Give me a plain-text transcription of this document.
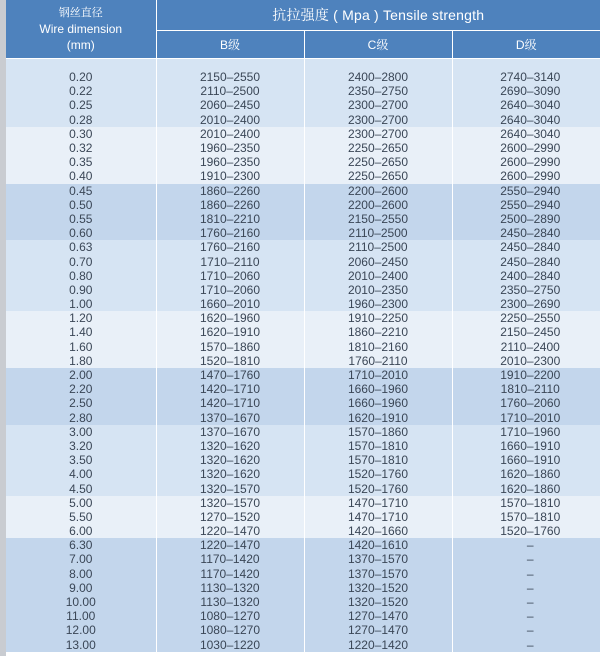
钢丝直径
Wire dimension
(mm)	抗拉强度 ( Mpa ) Tensile strength		
	B级	C级	D级

0.20	2150–2550	2400–2800	2740–3140
0.22	2110–2500	2350–2750	2690–3090
0.25	2060–2450	2300–2700	2640–3040
0.28	2010–2400	2300–2700	2640–3040
0.30	2010–2400	2300–2700	2640–3040
0.32	1960–2350	2250–2650	2600–2990
0.35	1960–2350	2250–2650	2600–2990
0.40	1910–2300	2250–2650	2600–2990
0.45	1860–2260	2200–2600	2550–2940
0.50	1860–2260	2200–2600	2550–2940
0.55	1810–2210	2150–2550	2500–2890
0.60	1760–2160	2110–2500	2450–2840
0.63	1760–2160	2110–2500	2450–2840
0.70	1710–2110	2060–2450	2450–2840
0.80	1710–2060	2010–2400	2400–2840
0.90	1710–2060	2010–2350	2350–2750
1.00	1660–2010	1960–2300	2300–2690
1.20	1620–1960	1910–2250	2250–2550
1.40	1620–1910	1860–2210	2150–2450
1.60	1570–1860	1810–2160	2110–2400
1.80	1520–1810	1760–2110	2010–2300
2.00	1470–1760	1710–2010	1910–2200
2.20	1420–1710	1660–1960	1810–2110
2.50	1420–1710	1660–1960	1760–2060
2.80	1370–1670	1620–1910	1710–2010
3.00	1370–1670	1570–1860	1710–1960
3.20	1320–1620	1570–1810	1660–1910
3.50	1320–1620	1570–1810	1660–1910
4.00	1320–1620	1520–1760	1620–1860
4.50	1320–1570	1520–1760	1620–1860
5.00	1320–1570	1470–1710	1570–1810
5.50	1270–1520	1470–1710	1570–1810
6.00	1220–1470	1420–1660	1520–1760
6.30	1220–1470	1420–1610	–
7.00	1170–1420	1370–1570	–
8.00	1170–1420	1370–1570	–
9.00	1130–1320	1320–1520	–
10.00	1130–1320	1320–1520	–
11.00	1080–1270	1270–1470	–
12.00	1080–1270	1270–1470	–
13.00	1030–1220	1220–1420	–
